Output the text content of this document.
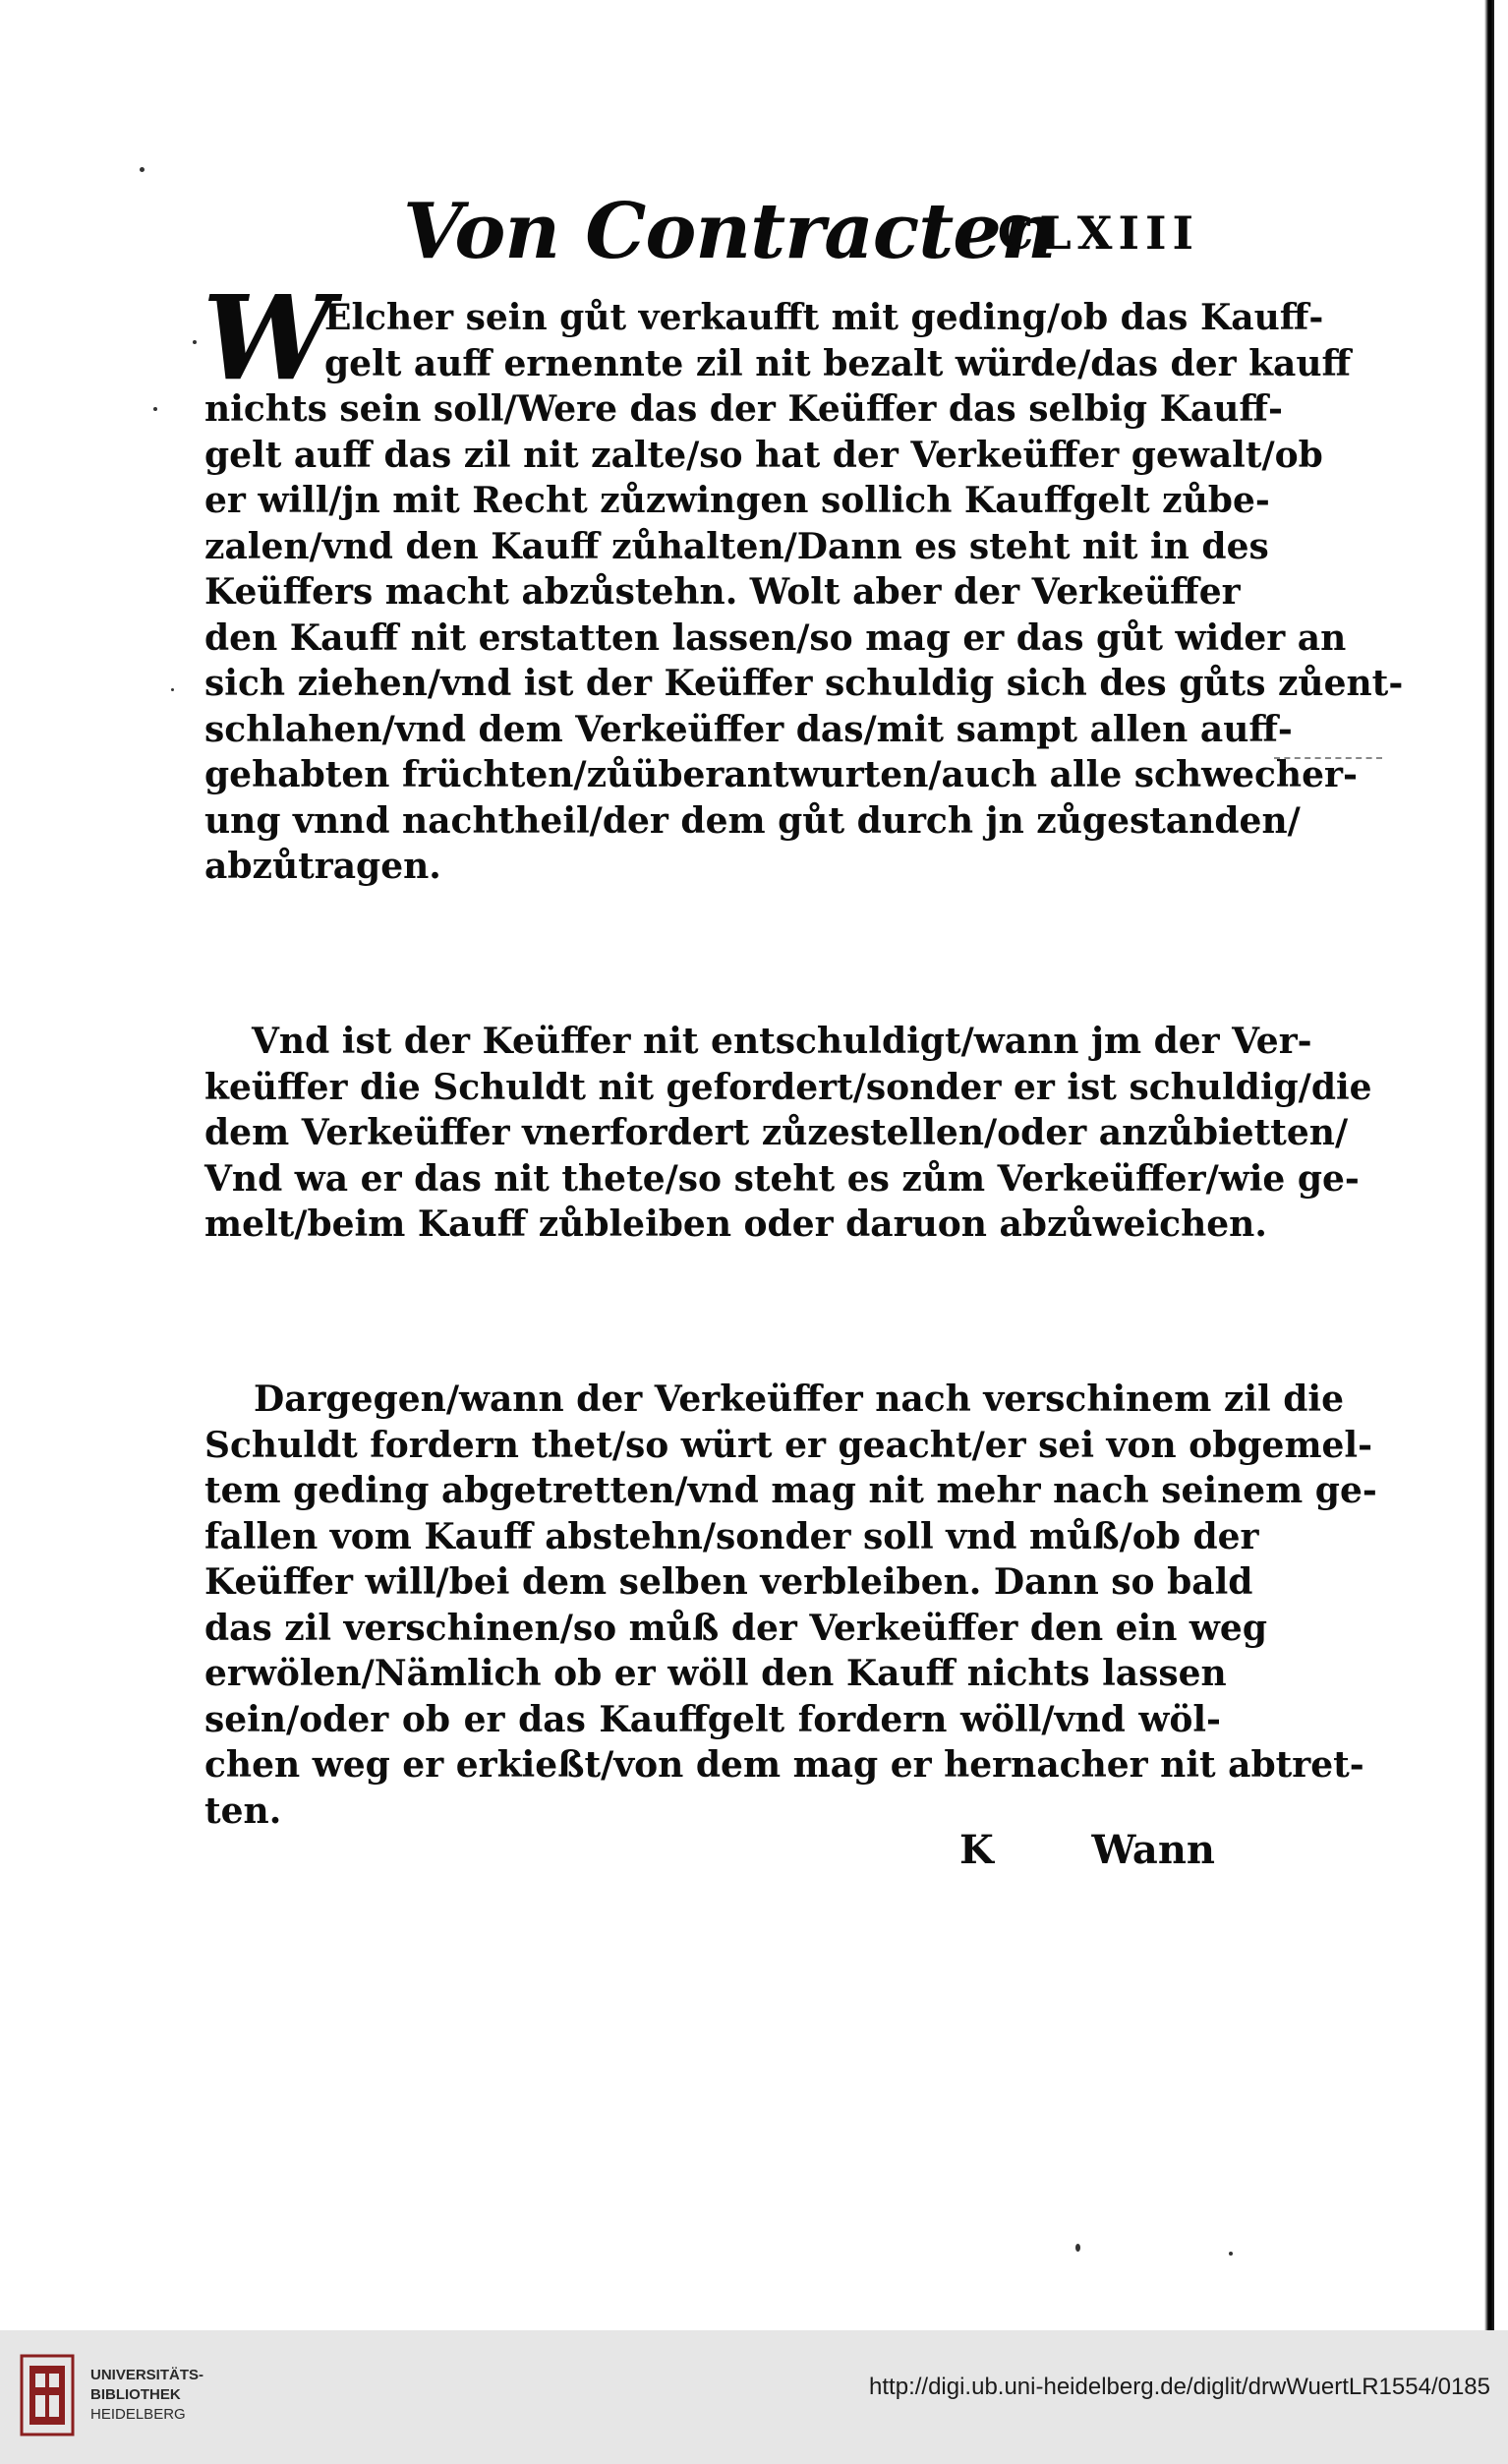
Von Contracten
CLXIII
W
Elcher sein gůt verkaufft mit geding/ob das Kauff-
gelt auff ernennte zil nit bezalt würde/das der kauff
nichts sein soll/Were das der Keüffer das selbig Kauff-
gelt auff das zil nit zalte/so hat der Verkeüffer gewalt/ob
er will/jn mit Recht zůzwingen sollich Kauffgelt zůbe-
zalen/vnd den Kauff zůhalten/Dann es steht nit in des
Keüffers macht abzůstehn. Wolt aber der Verkeüffer
den Kauff nit erstatten lassen/so mag er das gůt wider an
sich ziehen/vnd ist der Keüffer schuldig sich des gůts zůent-
schlahen/vnd dem Verkeüffer das/mit sampt allen auff-
gehabten früchten/zůüberantwurten/auch alle schwecher-
ung vnnd nachtheil/der dem gůt durch jn zůgestanden/
abzůtragen.
Vnd ist der Keüffer nit entschuldigt/wann jm der Ver-
keüffer die Schuldt nit gefordert/sonder er ist schuldig/die
dem Verkeüffer vnerfordert zůzestellen/oder anzůbietten/
Vnd wa er das nit thete/so steht es zům Verkeüffer/wie ge-
melt/beim Kauff zůbleiben oder daruon abzůweichen.
Dargegen/wann der Verkeüffer nach verschinem zil die
Schuldt fordern thet/so würt er geacht/er sei von obgemel-
tem geding abgetretten/vnd mag nit mehr nach seinem ge-
fallen vom Kauff abstehn/sonder soll vnd můß/ob der
Keüffer will/bei dem selben verbleiben. Dann so bald
das zil verschinen/so můß der Verkeüffer den ein weg
erwölen/Nämlich ob er wöll den Kauff nichts lassen
sein/oder ob er das Kauffgelt fordern wöll/vnd wöl-
chen weg er erkießt/von dem mag er hernacher nit abtret-
ten.
K Wann
UNIVERSITÄTS-
BIBLIOTHEK
HEIDELBERG
http://digi.ub.uni-heidelberg.de/diglit/drwWuertLR1554/0185
